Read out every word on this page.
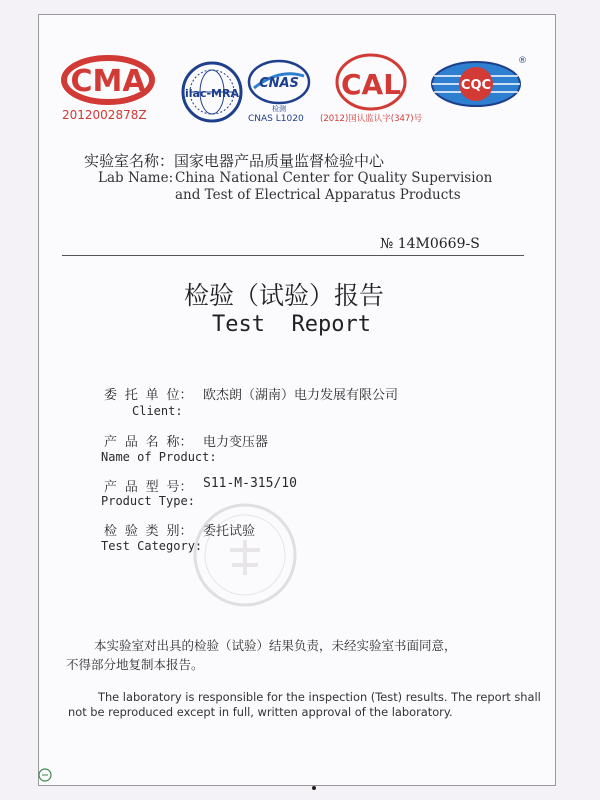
CMA
2012002878Z
ilac-MRA
CNAS
检测
CNAS L1020
CAL
(2012)国认监认字(347)号
CQC
®
实验室名称：国家电器产品质量监督检验中心
Lab Name: China National Center for Quality Supervision
and Test of Electrical Apparatus Products
№ 14M0669-S
检验（试验）报告
Test  Report
委 托 单 位： 欧杰朗（湖南）电力发展有限公司
Client:
产 品 名 称： 电力变压器
Name of Product:
产 品 型 号： S11-M-315/10
Product Type:
检 验 类 别： 委托试验
Test Category:
本实验室对出具的检验（试验）结果负责，未经实验室书面同意，
不得部分地复制本报告。
The laboratory is responsible for the inspection (Test) results. The report shall
not be reproduced except in full, written approval of the laboratory.
